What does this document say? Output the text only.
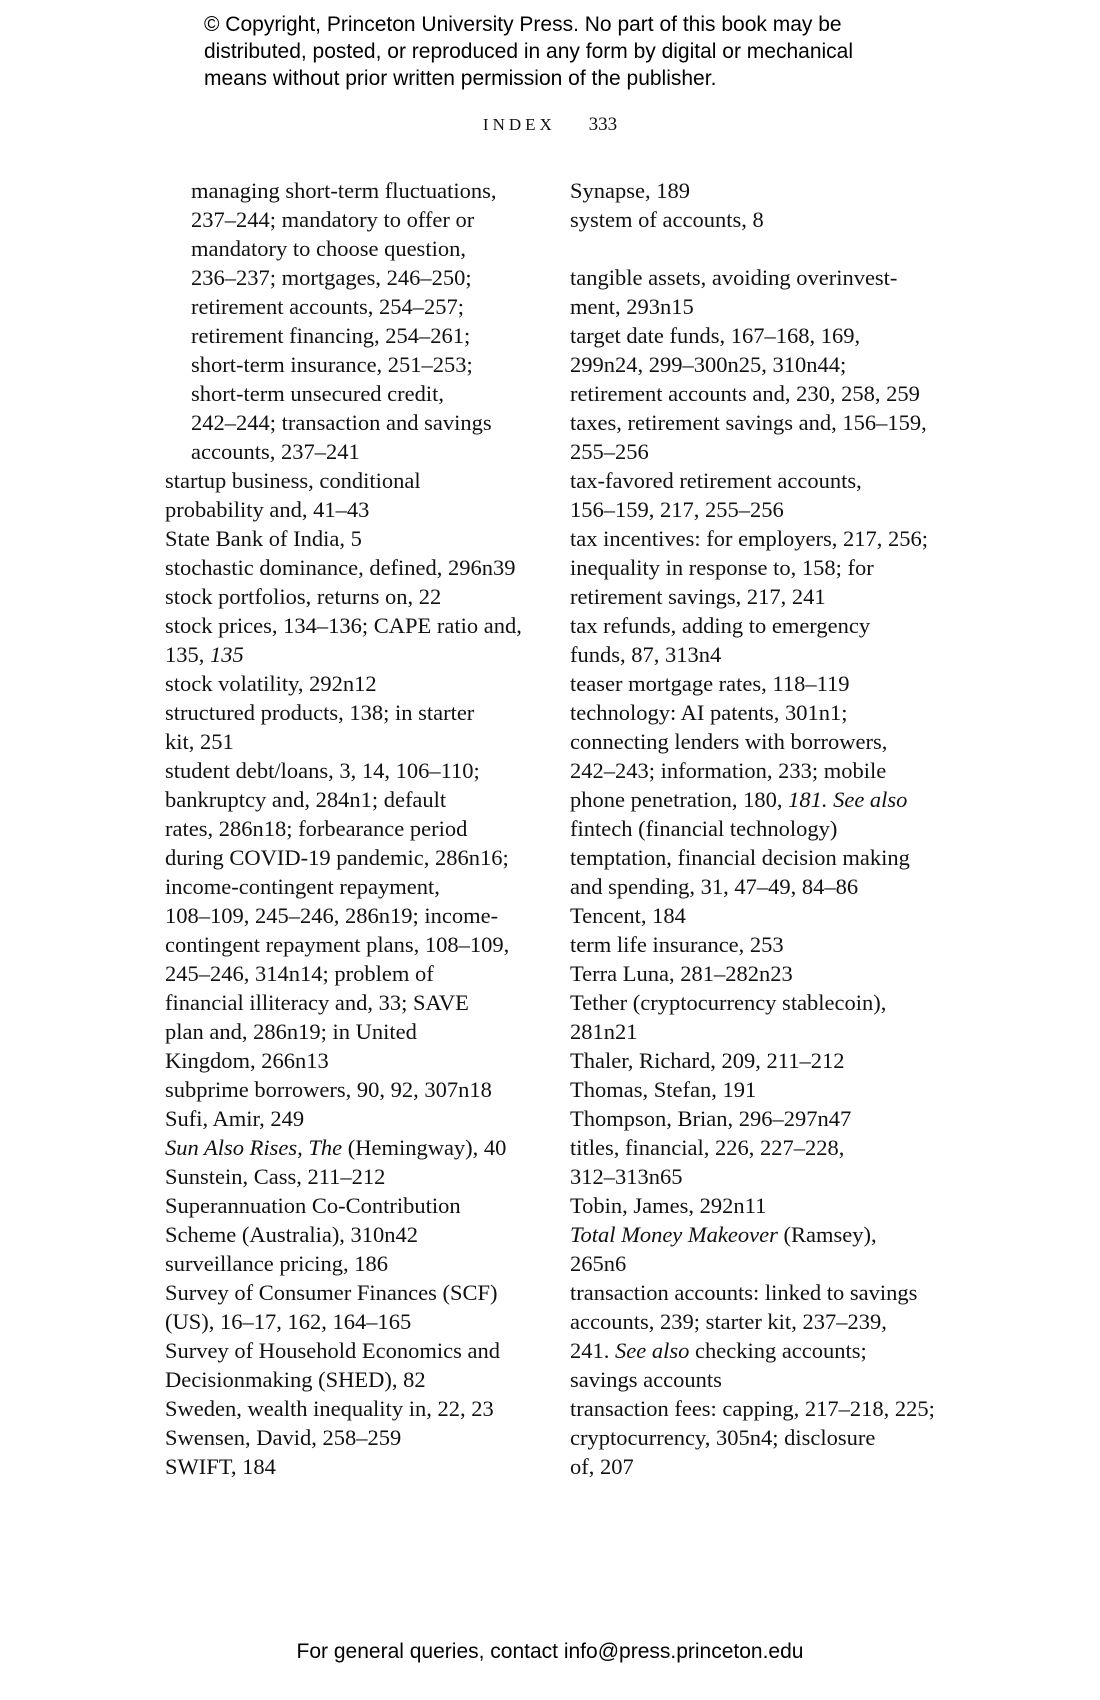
© Copyright, Princeton University Press. No part of this book may be
distributed, posted, or reproduced in any form by digital or mechanical
means without prior written permission of the publisher.
INDEX 333
managing short-term fluctuations,
237–244; mandatory to offer or
mandatory to choose question,
236–237; mortgages, 246–250;
retirement accounts, 254–257;
retirement financing, 254–261;
short-term insurance, 251–253;
short-term unsecured credit,
242–244; transaction and savings
accounts, 237–241
startup business, conditional
probability and, 41–43
State Bank of India, 5
stochastic dominance, defined, 296n39
stock portfolios, returns on, 22
stock prices, 134–136; CAPE ratio and,
135, 135
stock volatility, 292n12
structured products, 138; in starter
kit, 251
student debt/loans, 3, 14, 106–110;
bankruptcy and, 284n1; default
rates, 286n18; forbearance period
during COVID-19 pandemic, 286n16;
income-contingent repayment,
108–109, 245–246, 286n19; income-
contingent repayment plans, 108–109,
245–246, 314n14; problem of
financial illiteracy and, 33; SAVE
plan and, 286n19; in United
Kingdom, 266n13
subprime borrowers, 90, 92, 307n18
Sufi, Amir, 249
Sun Also Rises, The (Hemingway), 40
Sunstein, Cass, 211–212
Superannuation Co-Contribution
Scheme (Australia), 310n42
surveillance pricing, 186
Survey of Consumer Finances (SCF)
(US), 16–17, 162, 164–165
Survey of Household Economics and
Decisionmaking (SHED), 82
Sweden, wealth inequality in, 22, 23
Swensen, David, 258–259
SWIFT, 184
Synapse, 189
system of accounts, 8
tangible assets, avoiding overinvest-
ment, 293n15
target date funds, 167–168, 169,
299n24, 299–300n25, 310n44;
retirement accounts and, 230, 258, 259
taxes, retirement savings and, 156–159,
255–256
tax-favored retirement accounts,
156–159, 217, 255–256
tax incentives: for employers, 217, 256;
inequality in response to, 158; for
retirement savings, 217, 241
tax refunds, adding to emergency
funds, 87, 313n4
teaser mortgage rates, 118–119
technology: AI patents, 301n1;
connecting lenders with borrowers,
242–243; information, 233; mobile
phone penetration, 180, 181. See also
fintech (financial technology)
temptation, financial decision making
and spending, 31, 47–49, 84–86
Tencent, 184
term life insurance, 253
Terra Luna, 281–282n23
Tether (cryptocurrency stablecoin),
281n21
Thaler, Richard, 209, 211–212
Thomas, Stefan, 191
Thompson, Brian, 296–297n47
titles, financial, 226, 227–228,
312–313n65
Tobin, James, 292n11
Total Money Makeover (Ramsey),
265n6
transaction accounts: linked to savings
accounts, 239; starter kit, 237–239,
241. See also checking accounts;
savings accounts
transaction fees: capping, 217–218, 225;
cryptocurrency, 305n4; disclosure
of, 207
For general queries, contact info@press.princeton.edu
